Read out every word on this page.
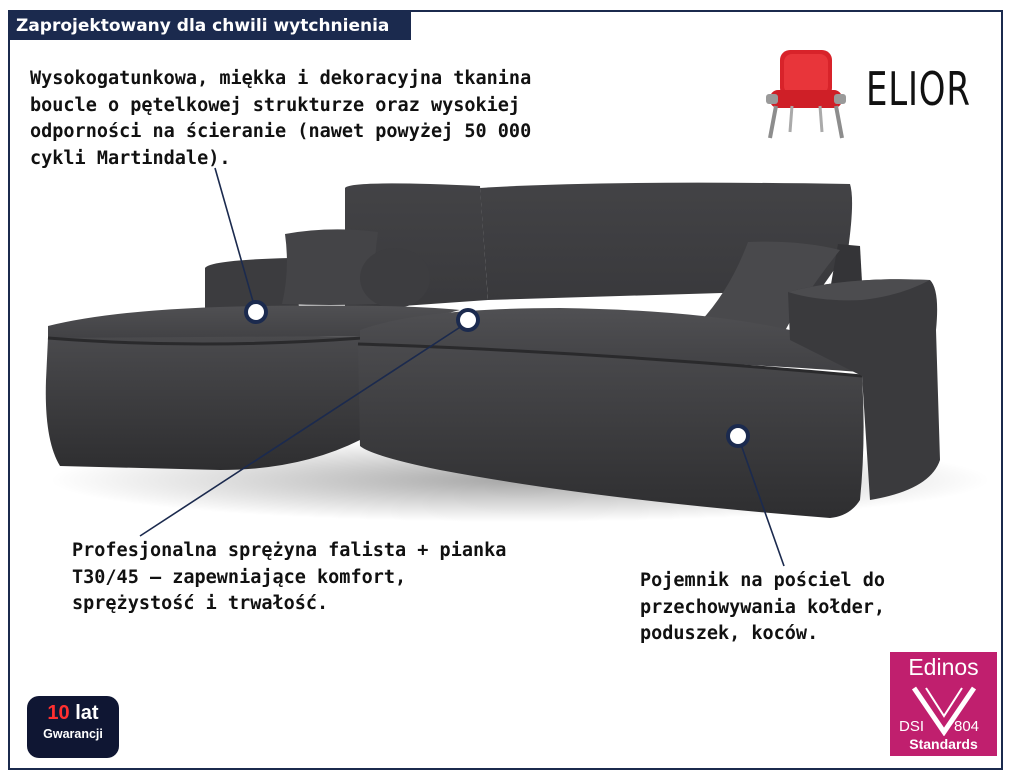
Zaprojektowany dla chwili wytchnienia
ELIOR
Wysokogatunkowa, miękka i dekoracyjna tkanina
boucle o pętelkowej strukturze oraz wysokiej
odporności na ścieranie (nawet powyżej 50 000
cykli Martindale).
Profesjonalna sprężyna falista + pianka
T30/45 – zapewniające komfort,
sprężystość i trwałość.
Pojemnik na pościel do
przechowywania kołder,
poduszek, koców.
10 lat
Gwarancji
Edinos
DSI 804
Standards
